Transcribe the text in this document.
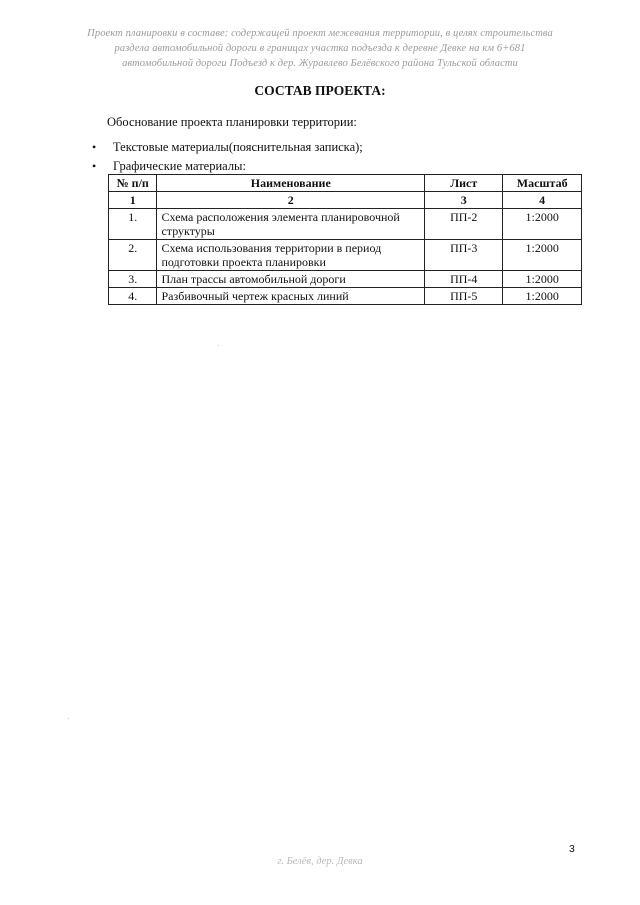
Проект планировки в составе: содержащей проект межевания территории, в целях строительства
раздела автомобильной дороги в границах участка подъезда к деревне Девке на км 6+681
автомобильной дороги Подъезд к дер. Журавлево Белёвского района Тульской области
СОСТАВ ПРОЕКТА:
Обоснование проекта планировки территории:
• Текстовые материалы(пояснительная записка);
• Графические материалы:
№ п/п	Наименование	Лист	Масштаб
1	2	3	4
1.	Схема расположения элемента планировочной структуры	ПП-2	1:2000
2.	Схема использования территории в период подготовки проекта планировки	ПП-3	1:2000
3.	План трассы автомобильной дороги	ПП-4	1:2000
4.	Разбивочный чертеж красных линий	ПП-5	1:2000
3
г. Белёв, дер. Девка
